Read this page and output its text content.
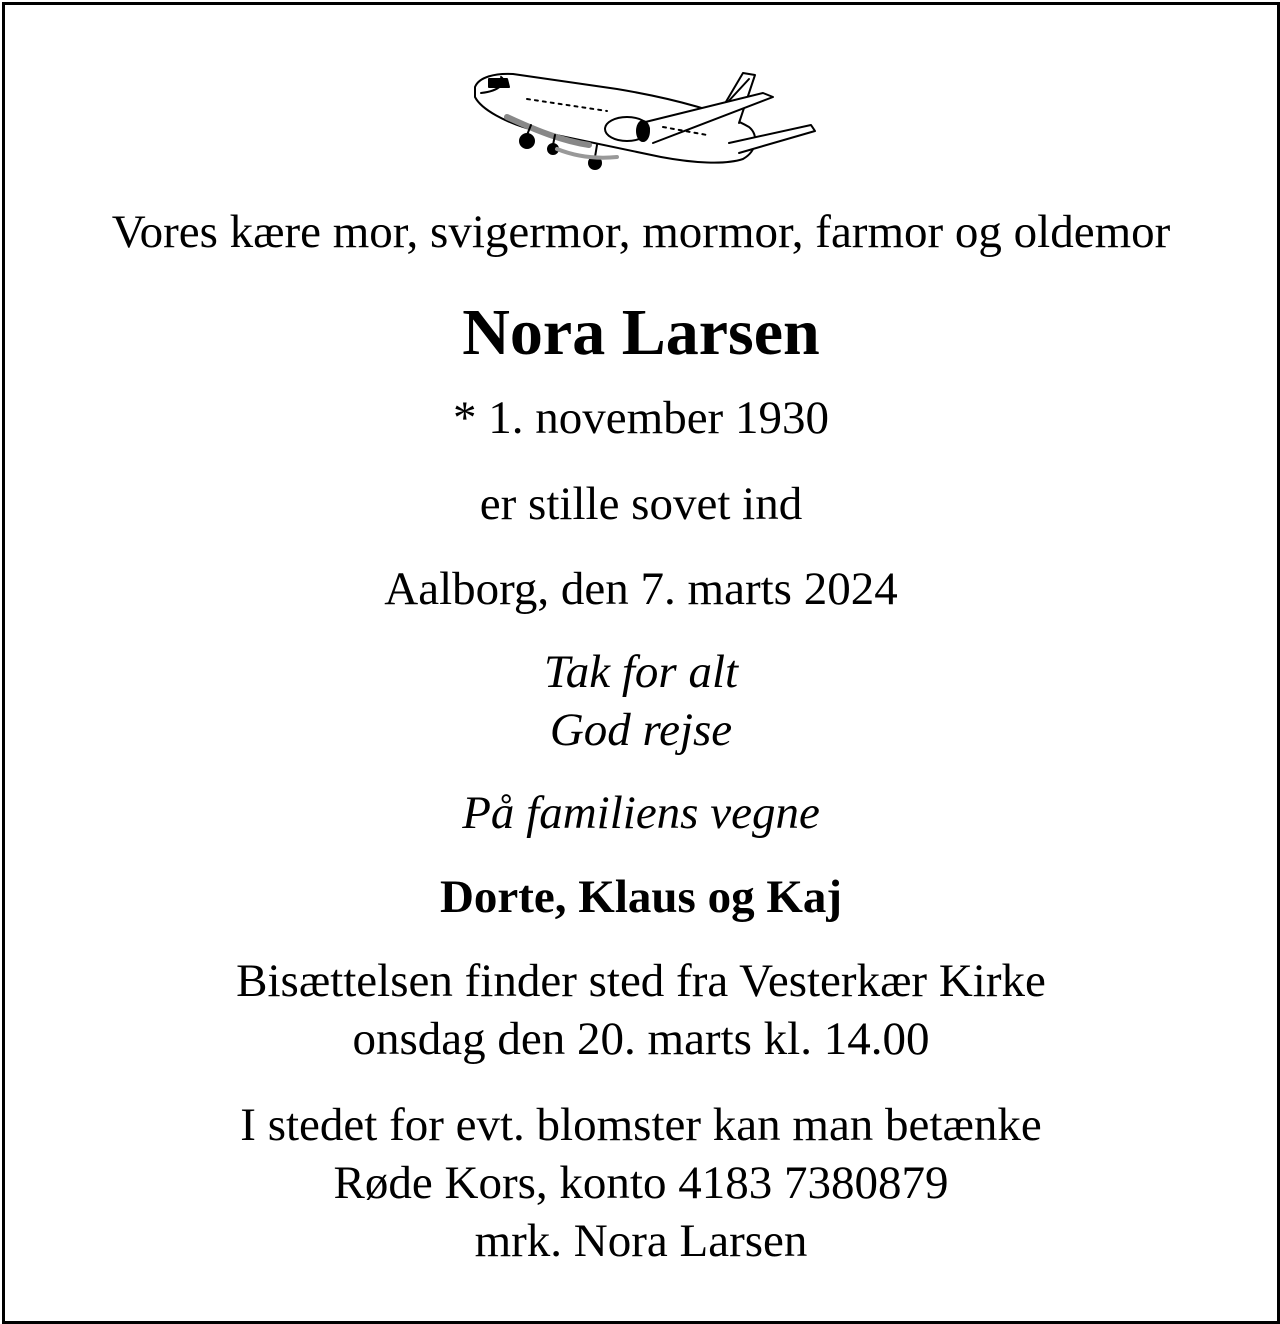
Vores kære mor, svigermor, mormor, farmor og oldemor
Nora Larsen
* 1. november 1930
er stille sovet ind
Aalborg, den 7. marts 2024
Tak for alt
God rejse
På familiens vegne
Dorte, Klaus og Kaj
Bisættelsen finder sted fra Vesterkær Kirke
onsdag den 20. marts kl. 14.00
I stedet for evt. blomster kan man betænke
Røde Kors, konto 4183 7380879
mrk. Nora Larsen
